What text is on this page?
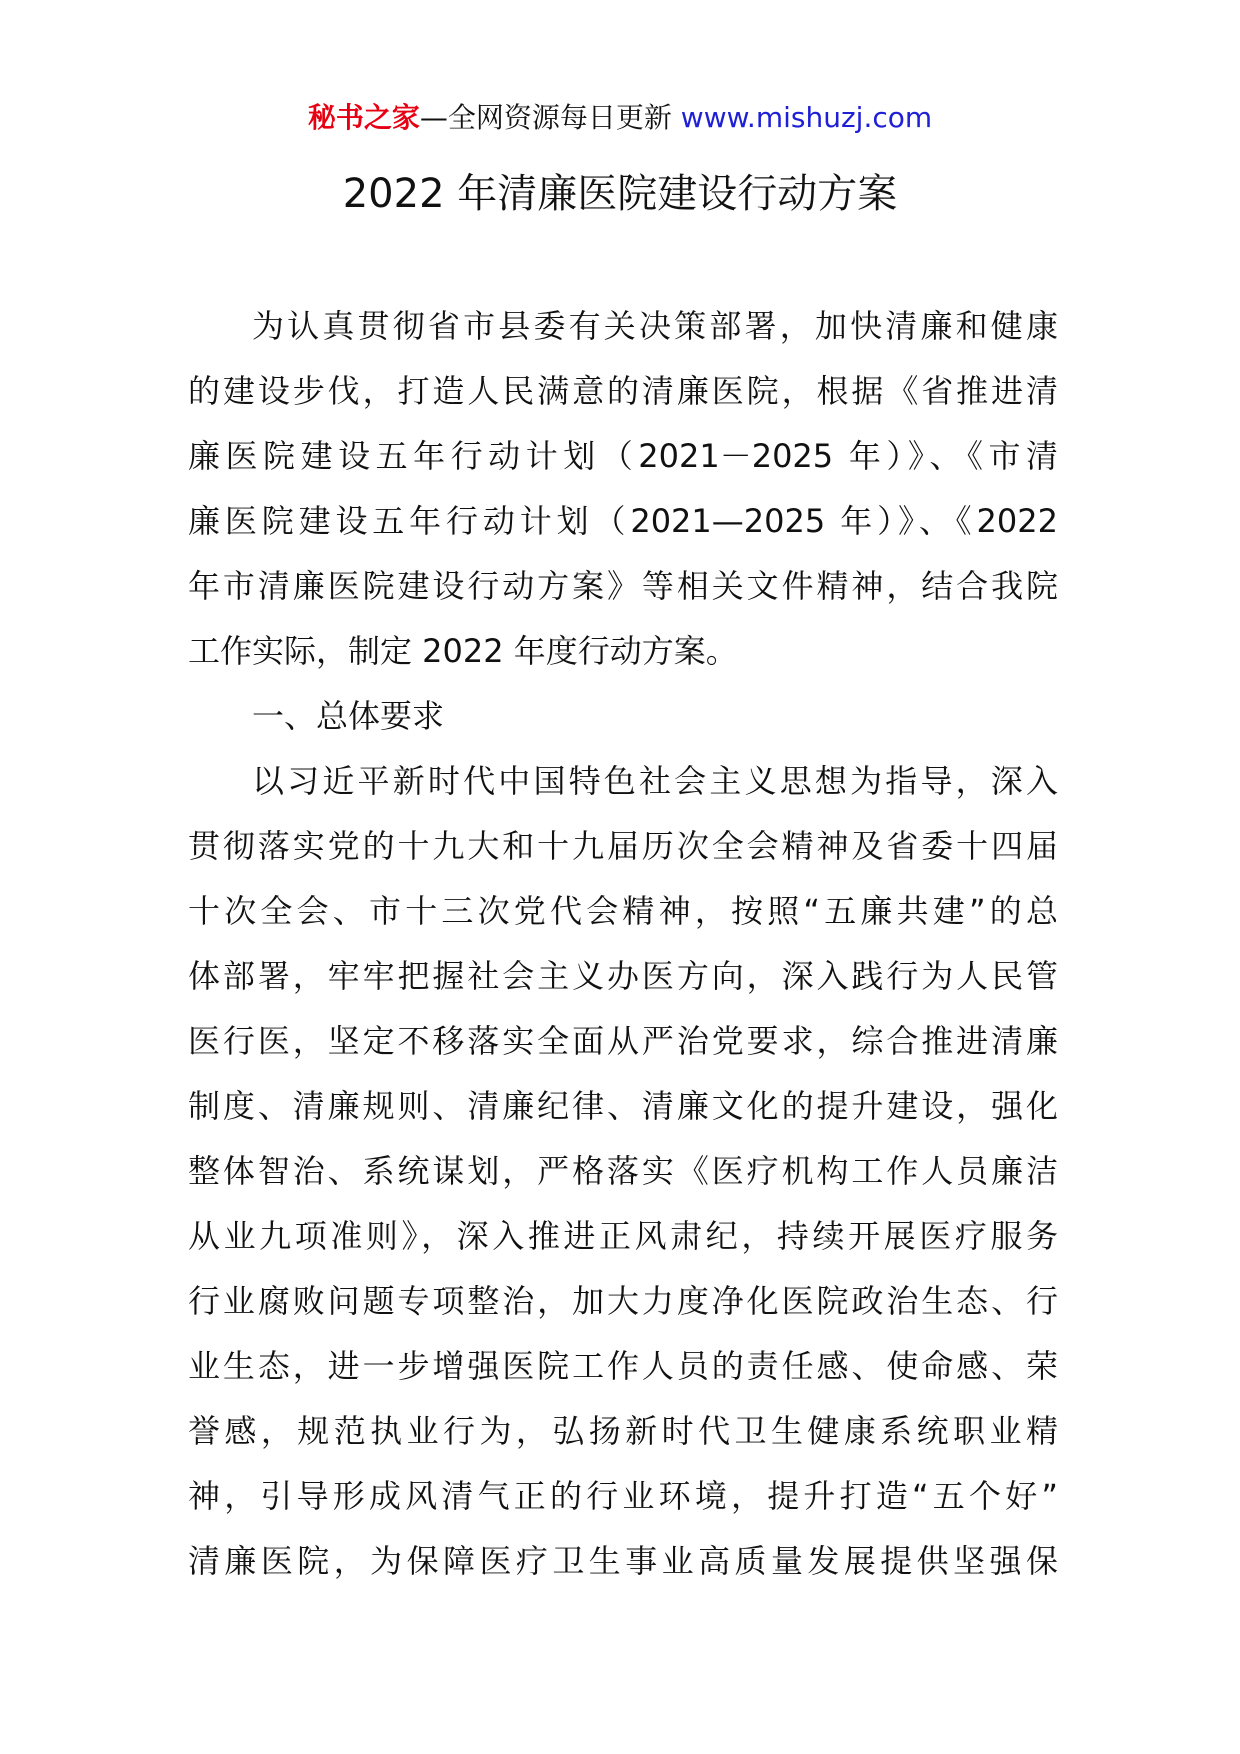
秘书之家—全网资源每日更新 www.mishuzj.com
2022 年清廉医院建设行动方案
为认真贯彻省市县委有关决策部署，加快清廉和健康
的建设步伐，打造人民满意的清廉医院，根据《省推进清
廉医院建设五年行动计划（2021－2025 年）》、《市清
廉医院建设五年行动计划（2021—2025 年）》、《2022
年市清廉医院建设行动方案》等相关文件精神，结合我院
工作实际，制定 2022 年度行动方案。
一、总体要求
以习近平新时代中国特色社会主义思想为指导，深入
贯彻落实党的十九大和十九届历次全会精神及省委十四届
十次全会、市十三次党代会精神，按照“五廉共建”的总
体部署，牢牢把握社会主义办医方向，深入践行为人民管
医行医，坚定不移落实全面从严治党要求，综合推进清廉
制度、清廉规则、清廉纪律、清廉文化的提升建设，强化
整体智治、系统谋划，严格落实《医疗机构工作人员廉洁
从业九项准则》，深入推进正风肃纪，持续开展医疗服务
行业腐败问题专项整治，加大力度净化医院政治生态、行
业生态，进一步增强医院工作人员的责任感、使命感、荣
誉感，规范执业行为，弘扬新时代卫生健康系统职业精
神，引导形成风清气正的行业环境，提升打造“五个好”
清廉医院，为保障医疗卫生事业高质量发展提供坚强保
